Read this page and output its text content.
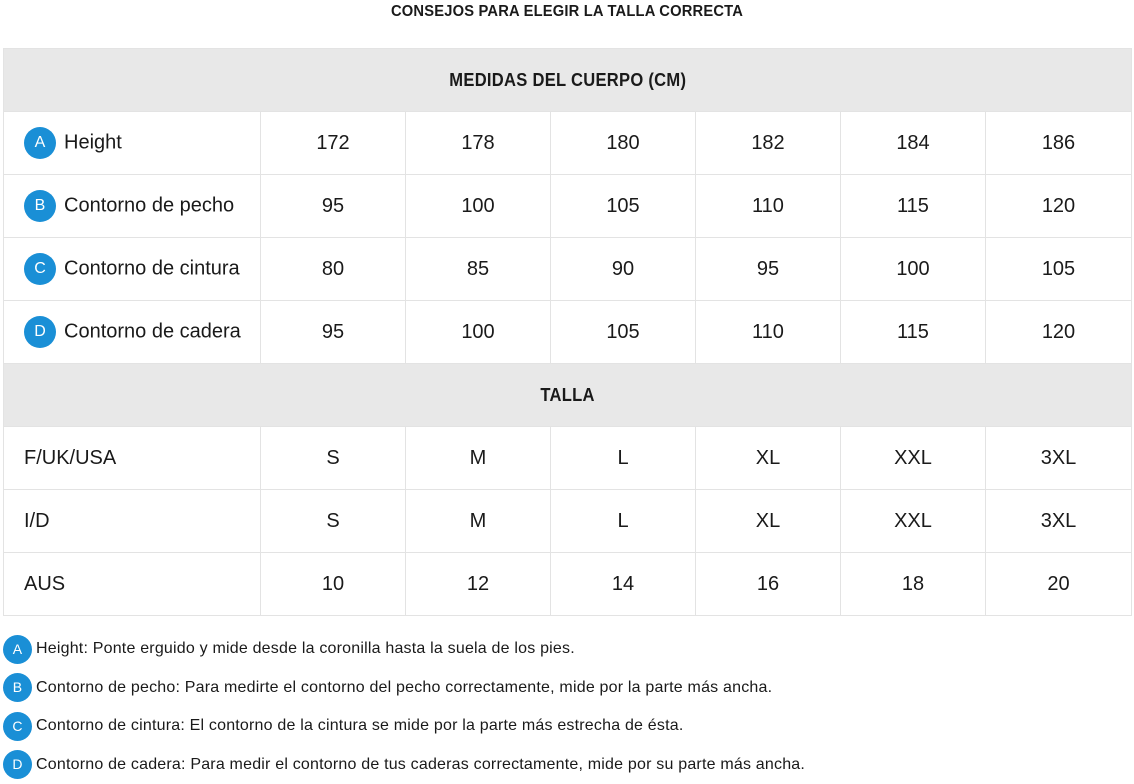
CONSEJOS PARA ELEGIR LA TALLA CORRECTA
MEDIDAS DEL CUERPO (CM)						
A Height	172	178	180	182	184	186
B Contorno de pecho	95	100	105	110	115	120
C Contorno de cintura	80	85	90	95	100	105
D Contorno de cadera	95	100	105	110	115	120
TALLA						
F/UK/USA	S	M	L	XL	XXL	3XL
I/D	S	M	L	XL	XXL	3XL
AUS	10	12	14	16	18	20
A Height: Ponte erguido y mide desde la coronilla hasta la suela de los pies.
B Contorno de pecho: Para medirte el contorno del pecho correctamente, mide por la parte más ancha.
C Contorno de cintura: El contorno de la cintura se mide por la parte más estrecha de ésta.
D Contorno de cadera: Para medir el contorno de tus caderas correctamente, mide por su parte más ancha.
